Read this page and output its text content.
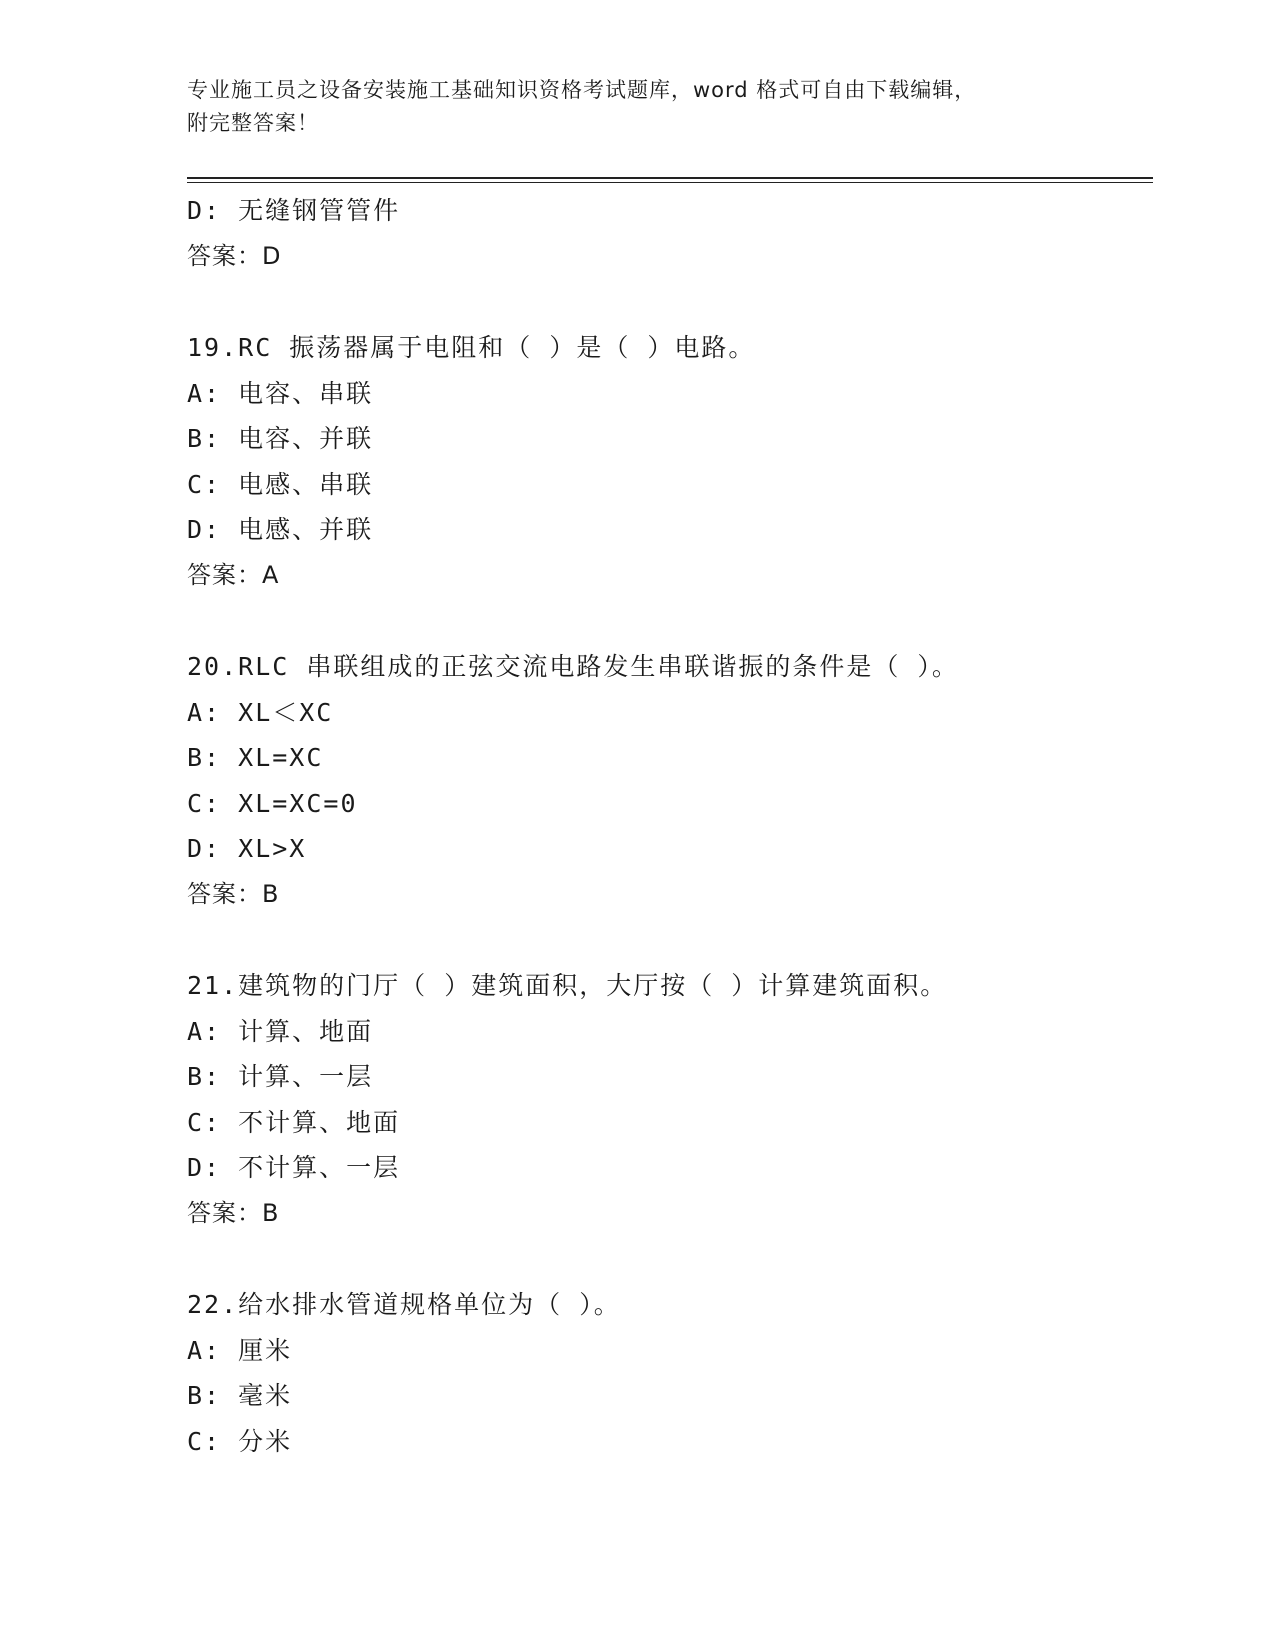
专业施工员之设备安装施工基础知识资格考试题库，word 格式可自由下载编辑，
附完整答案！
D: 无缝钢管管件
答案：D
19.RC 振荡器属于电阻和（ ）是（ ）电路。
A: 电容、串联
B: 电容、并联
C: 电感、串联
D: 电感、并联
答案：A
20.RLC 串联组成的正弦交流电路发生串联谐振的条件是（ ）。
A: XL＜XC
B: XL=XC
C: XL=XC=0
D: XL>X
答案：B
21.建筑物的门厅（ ）建筑面积，大厅按（ ）计算建筑面积。
A: 计算、地面
B: 计算、一层
C: 不计算、地面
D: 不计算、一层
答案：B
22.给水排水管道规格单位为（ ）。
A: 厘米
B: 毫米
C: 分米
